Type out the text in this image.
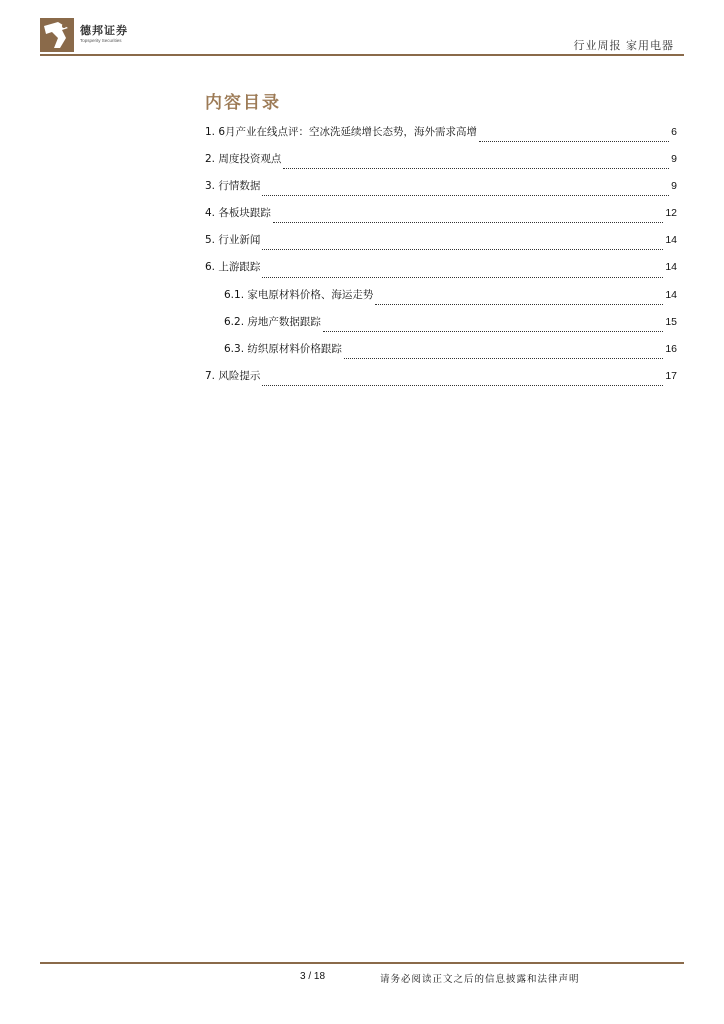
德邦证券
Topsperity Securities	行业周报 家用电器
内容目录
1. 6月产业在线点评：空冰洗延续增长态势，海外需求高增	6
2. 周度投资观点	9
3. 行情数据	9
4. 各板块跟踪	12
5. 行业新闻	14
6. 上游跟踪	14
6.1. 家电原材料价格、海运走势	14
6.2. 房地产数据跟踪	15
6.3. 纺织原材料价格跟踪	16
7. 风险提示	17
3 / 18	请务必阅读正文之后的信息披露和法律声明
